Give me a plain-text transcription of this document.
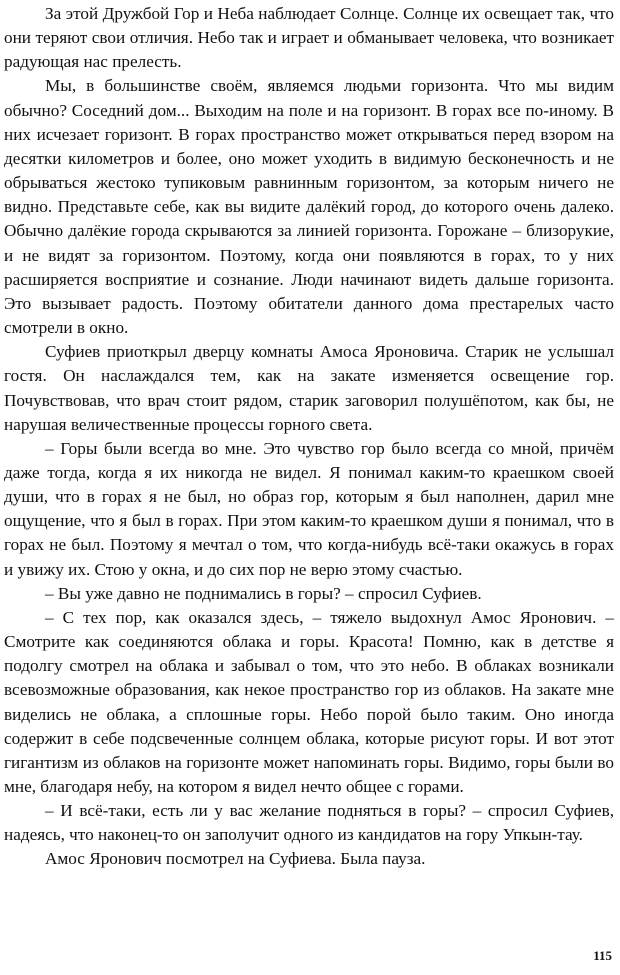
За этой Дружбой Гор и Неба наблюдает Солнце. Солнце их освещает так, что они теряют свои отличия. Небо так и играет и обманывает человека, что возникает радующая нас прелесть.

Мы, в большинстве своём, являемся людьми горизонта. Что мы видим обычно? Соседний дом... Выходим на поле и на горизонт. В горах все по-иному. В них исчезает горизонт. В горах пространство может открываться перед взором на десятки километров и более, оно может уходить в видимую бесконечность и не обрываться жестоко тупиковым равнинным горизонтом, за которым ничего не видно. Представьте себе, как вы видите далёкий город, до которого очень далеко. Обычно далёкие города скрываются за линией горизонта. Горожане – близорукие, и не видят за горизонтом. Поэтому, когда они появляются в горах, то у них расширяется восприятие и сознание. Люди начинают видеть дальше горизонта. Это вызывает радость. Поэтому обитатели данного дома престарелых часто смотрели в окно.

Суфиев приоткрыл дверцу комнаты Амоса Яроновича. Старик не услышал гостя. Он наслаждался тем, как на закате изменяется освещение гор. Почувствовав, что врач стоит рядом, старик заговорил полушёпотом, как бы, не нарушая величественные процессы горного света.

– Горы были всегда во мне. Это чувство гор было всегда со мной, причём даже тогда, когда я их никогда не видел. Я понимал каким-то краешком своей души, что в горах я не был, но образ гор, которым я был наполнен, дарил мне ощущение, что я был в горах. При этом каким-то краешком души я понимал, что в горах не был. Поэтому я мечтал о том, что когда-нибудь всё-таки окажусь в горах и увижу их. Стою у окна, и до сих пор не верю этому счастью.

– Вы уже давно не поднимались в горы? – спросил Суфиев.

– С тех пор, как оказался здесь, – тяжело выдохнул Амос Яронович. – Смотрите как соединяются облака и горы. Красота! Помню, как в детстве я подолгу смотрел на облака и забывал о том, что это небо. В облаках возникали всевозможные образования, как некое пространство гор из облаков. На закате мне виделись не облака, а сплошные горы. Небо порой было таким. Оно иногда содержит в себе подсвеченные солнцем облака, которые рисуют горы. И вот этот гигантизм из облаков на горизонте может напоминать горы. Видимо, горы были во мне, благодаря небу, на котором я видел нечто общее с горами.

– И всё-таки, есть ли у вас желание подняться в горы? – спросил Суфиев, надеясь, что наконец-то он заполучит одного из кандидатов на гору Упкын-тау.

Амос Яронович посмотрел на Суфиева. Была пауза.

115
